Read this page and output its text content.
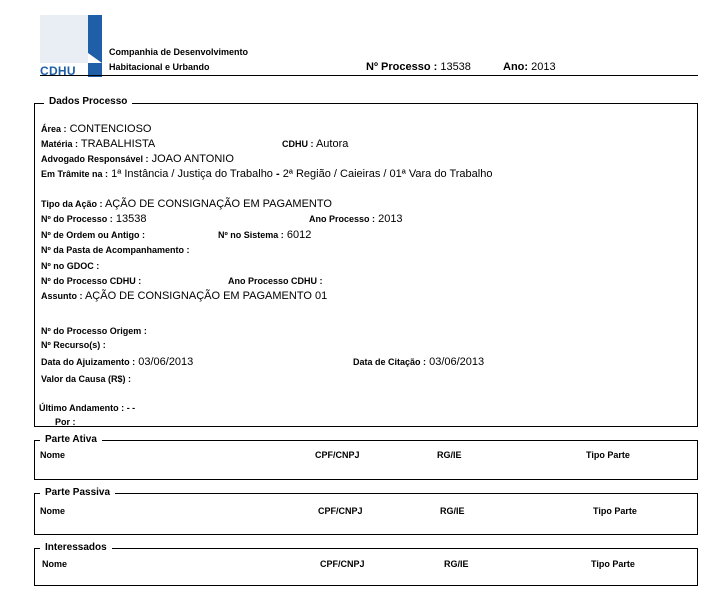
CDHU
Companhia de Desenvolvimento
Habitacional e Urbando	Nº Processo : 13538	Ano: 2013
Dados Processo
Área : CONTENCIOSO
Matéria : TRABALHISTA	CDHU : Autora
Advogado Responsável : JOAO ANTONIO
Em Trâmite na : 1ª Instância / Justiça do Trabalho - 2ª Região / Caieiras / 01ª Vara do Trabalho
Tipo da Ação : AÇÃO DE CONSIGNAÇÃO EM PAGAMENTO
Nº do Processo : 13538	Ano Processo : 2013
Nº de Ordem ou Antigo :	Nº no Sistema : 6012
Nº da Pasta de Acompanhamento :
Nº no GDOC :
Nº do Processo CDHU :	Ano Processo CDHU :
Assunto : AÇÃO DE CONSIGNAÇÃO EM PAGAMENTO 01
Nº do Processo Origem :
Nº Recurso(s) :
Data do Ajuizamento : 03/06/2013	Data de Citação : 03/06/2013
Valor da Causa (R$) :
Último Andamento : - -
Por :
Parte Ativa
Nome	CPF/CNPJ	RG/IE	Tipo Parte
Parte Passiva
Nome	CPF/CNPJ	RG/IE	Tipo Parte
Interessados
Nome	CPF/CNPJ	RG/IE	Tipo Parte
